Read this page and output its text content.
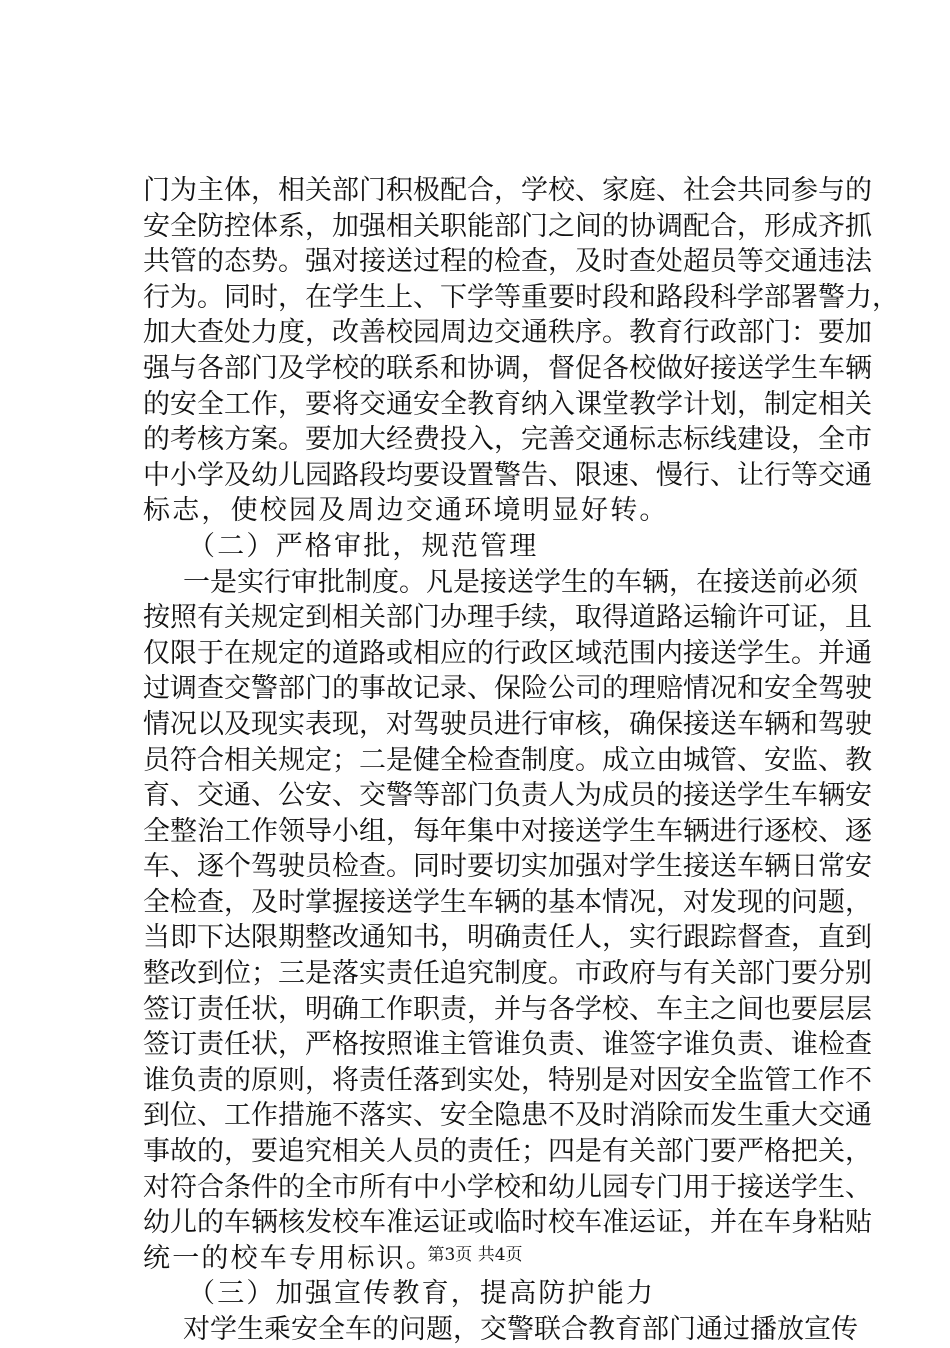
门为主体，相关部门积极配合，学校、家庭、社会共同参与的
安全防控体系，加强相关职能部门之间的协调配合，形成齐抓
共管的态势。强对接送过程的检查，及时查处超员等交通违法
行为。同时，在学生上、下学等重要时段和路段科学部署警力，
加大查处力度，改善校园周边交通秩序。教育行政部门：要加
强与各部门及学校的联系和协调，督促各校做好接送学生车辆
的安全工作，要将交通安全教育纳入课堂教学计划，制定相关
的考核方案。要加大经费投入，完善交通标志标线建设，全市
中小学及幼儿园路段均要设置警告、限速、慢行、让行等交通
标志，使校园及周边交通环境明显好转。
（二）严格审批，规范管理
一是实行审批制度。凡是接送学生的车辆，在接送前必须
按照有关规定到相关部门办理手续，取得道路运输许可证，且
仅限于在规定的道路或相应的行政区域范围内接送学生。并通
过调查交警部门的事故记录、保险公司的理赔情况和安全驾驶
情况以及现实表现，对驾驶员进行审核，确保接送车辆和驾驶
员符合相关规定；二是健全检查制度。成立由城管、安监、教
育、交通、公安、交警等部门负责人为成员的接送学生车辆安
全整治工作领导小组，每年集中对接送学生车辆进行逐校、逐
车、逐个驾驶员检查。同时要切实加强对学生接送车辆日常安
全检查，及时掌握接送学生车辆的基本情况，对发现的问题，
当即下达限期整改通知书，明确责任人，实行跟踪督查，直到
整改到位；三是落实责任追究制度。市政府与有关部门要分别
签订责任状，明确工作职责，并与各学校、车主之间也要层层
签订责任状，严格按照谁主管谁负责、谁签字谁负责、谁检查
谁负责的原则，将责任落到实处，特别是对因安全监管工作不
到位、工作措施不落实、安全隐患不及时消除而发生重大交通
事故的，要追究相关人员的责任；四是有关部门要严格把关，
对符合条件的全市所有中小学校和幼儿园专门用于接送学生、
幼儿的车辆核发校车准运证或临时校车准运证，并在车身粘贴
统一的校车专用标识。
（三）加强宣传教育，提高防护能力
对学生乘安全车的问题，交警联合教育部门通过播放宣传
第3页 共4页
